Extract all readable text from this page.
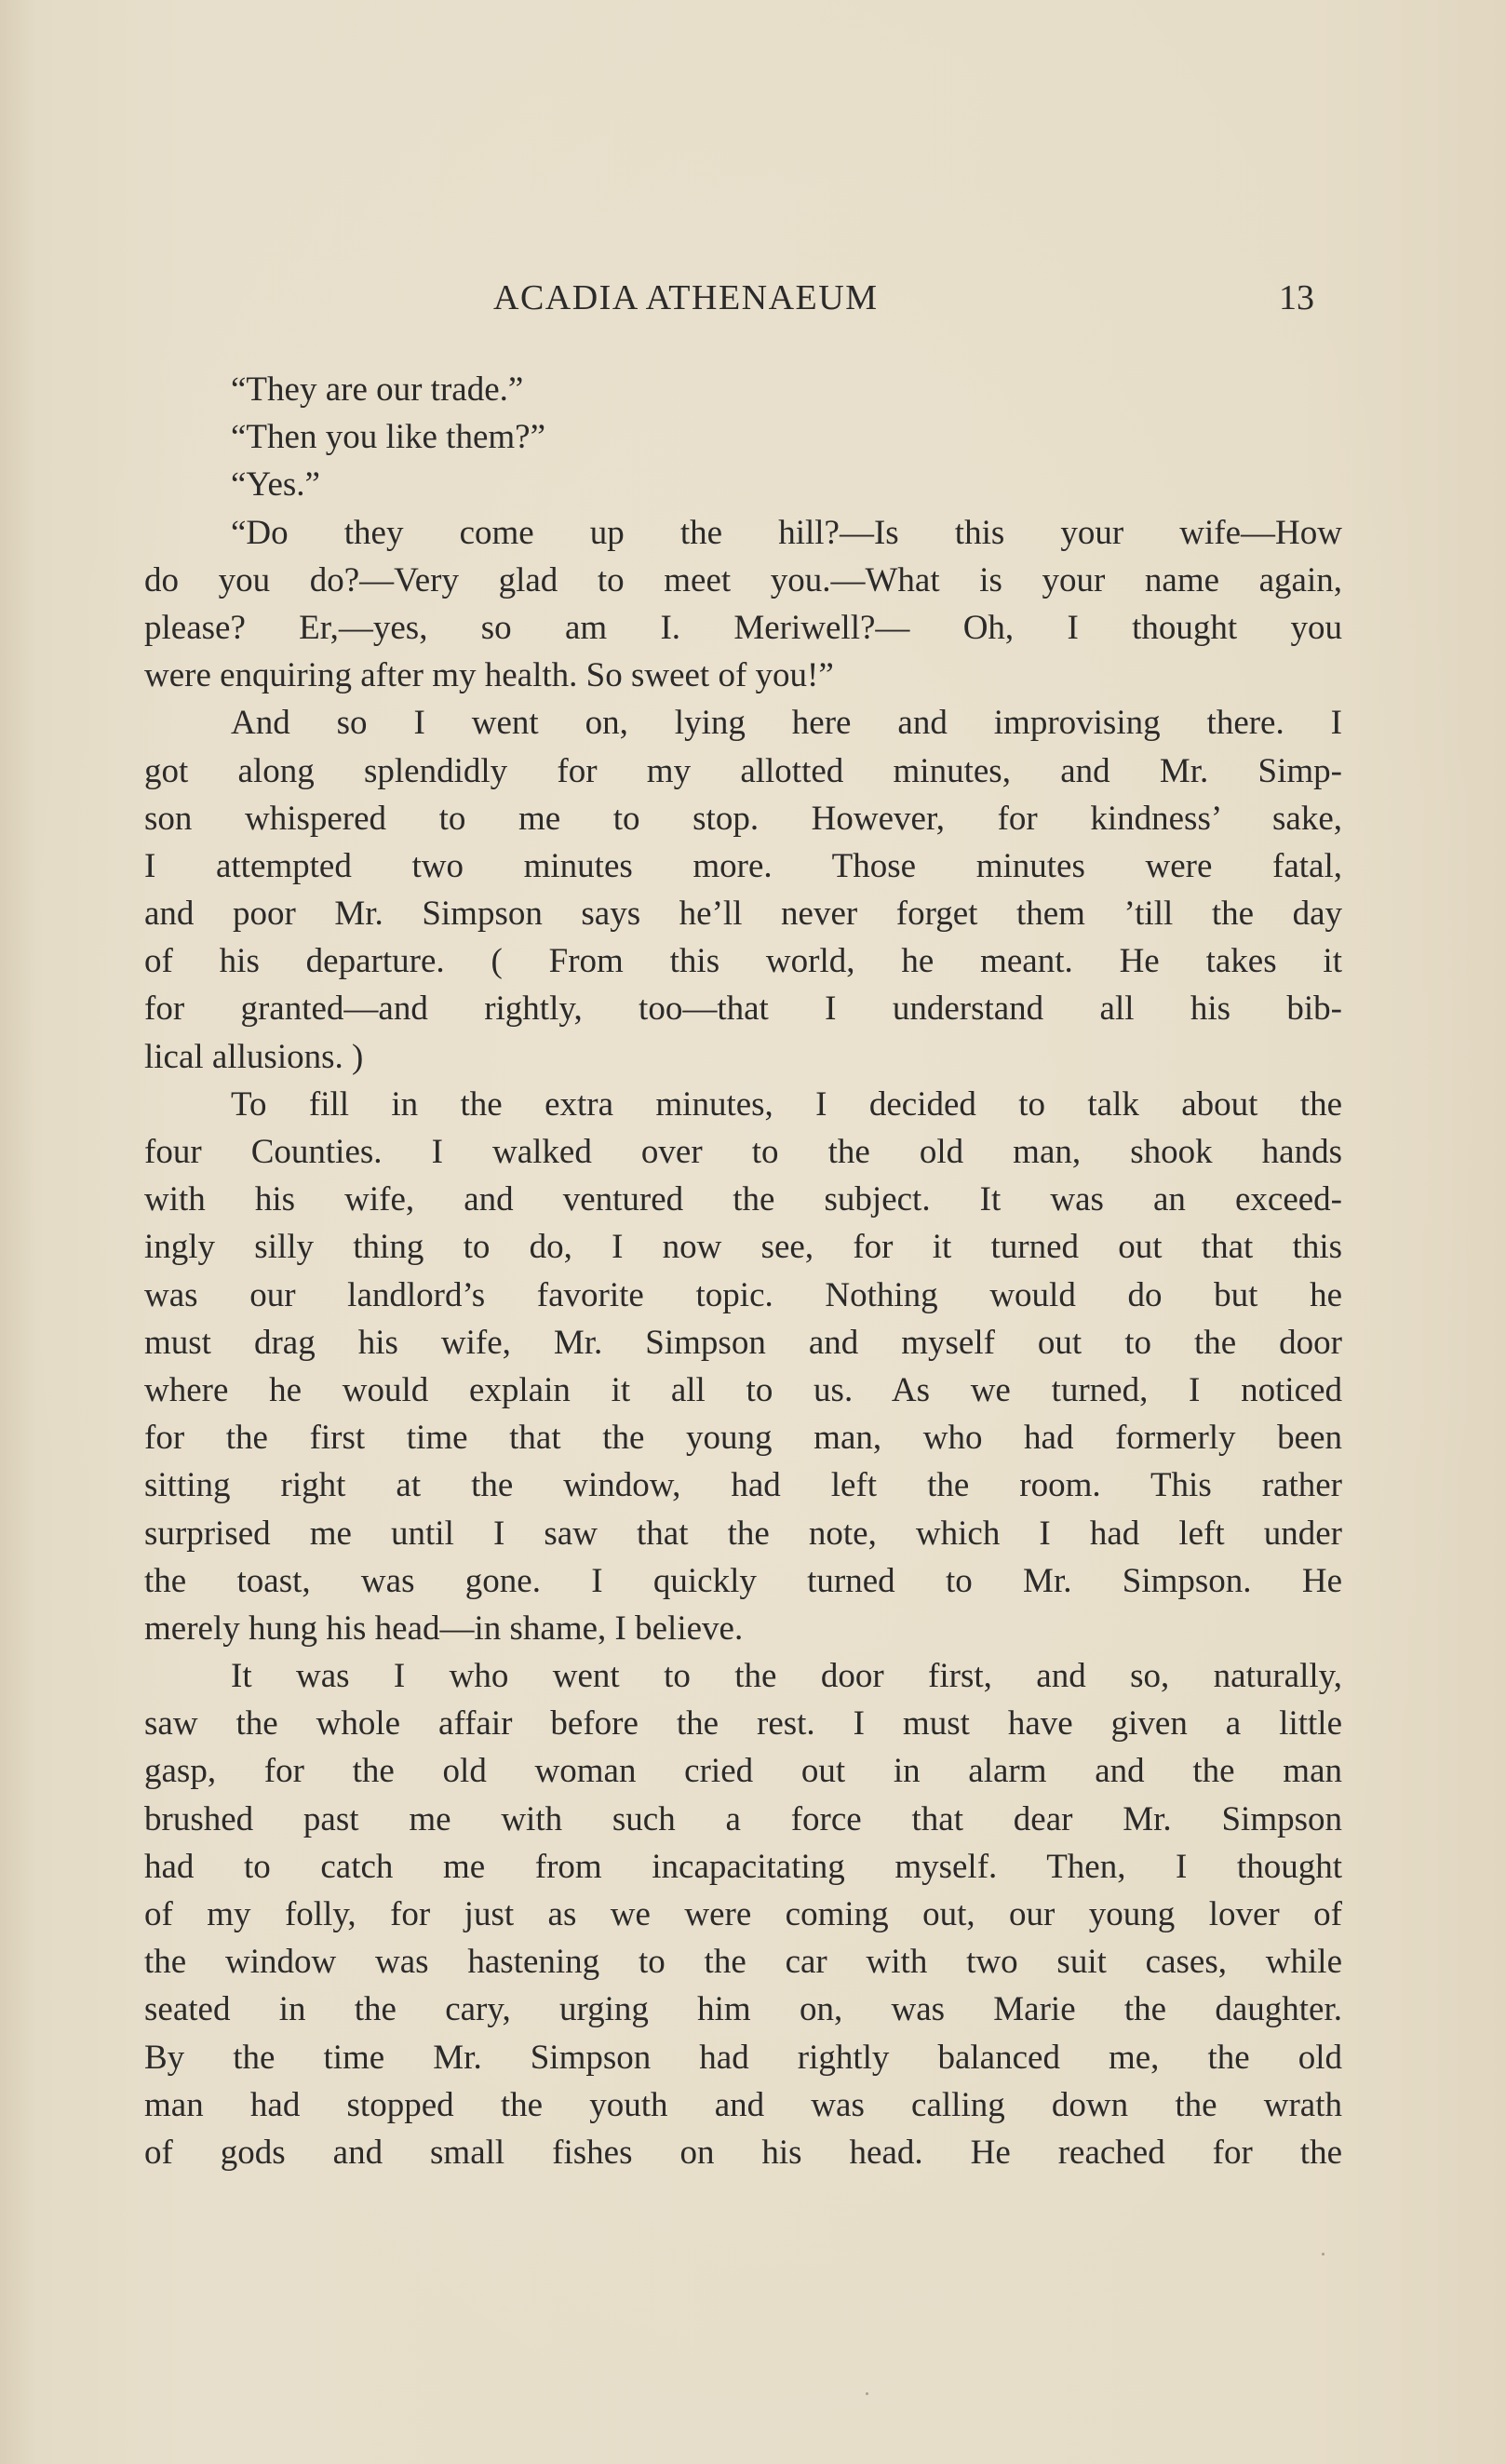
ACADIA ATHENAEUM	13
“They are our trade.”
“Then you like them?”
“Yes.”
“Do they come up the hill?—Is this your wife—How
do you do?—Very glad to meet you.—What is your name again,
please? Er,—yes, so am I. Meriwell?— Oh, I thought you
were enquiring after my health. So sweet of you!”
And so I went on, lying here and improvising there. I
got along splendidly for my allotted minutes, and Mr. Simp-
son whispered to me to stop. However, for kindness’ sake,
I attempted two minutes more. Those minutes were fatal,
and poor Mr. Simpson says he’ll never forget them ’till the day
of his departure. ( From this world, he meant. He takes it
for granted—and rightly, too—that I understand all his bib-
lical allusions. )
To fill in the extra minutes, I decided to talk about the
four Counties. I walked over to the old man, shook hands
with his wife, and ventured the subject. It was an exceed-
ingly silly thing to do, I now see, for it turned out that this
was our landlord’s favorite topic. Nothing would do but he
must drag his wife, Mr. Simpson and myself out to the door
where he would explain it all to us. As we turned, I noticed
for the first time that the young man, who had formerly been
sitting right at the window, had left the room. This rather
surprised me until I saw that the note, which I had left under
the toast, was gone. I quickly turned to Mr. Simpson. He
merely hung his head—in shame, I believe.
It was I who went to the door first, and so, naturally,
saw the whole affair before the rest. I must have given a little
gasp, for the old woman cried out in alarm and the man
brushed past me with such a force that dear Mr. Simpson
had to catch me from incapacitating myself. Then, I thought
of my folly, for just as we were coming out, our young lover of
the window was hastening to the car with two suit cases, while
seated in the cary, urging him on, was Marie the daughter.
By the time Mr. Simpson had rightly balanced me, the old
man had stopped the youth and was calling down the wrath
of gods and small fishes on his head. He reached for the
